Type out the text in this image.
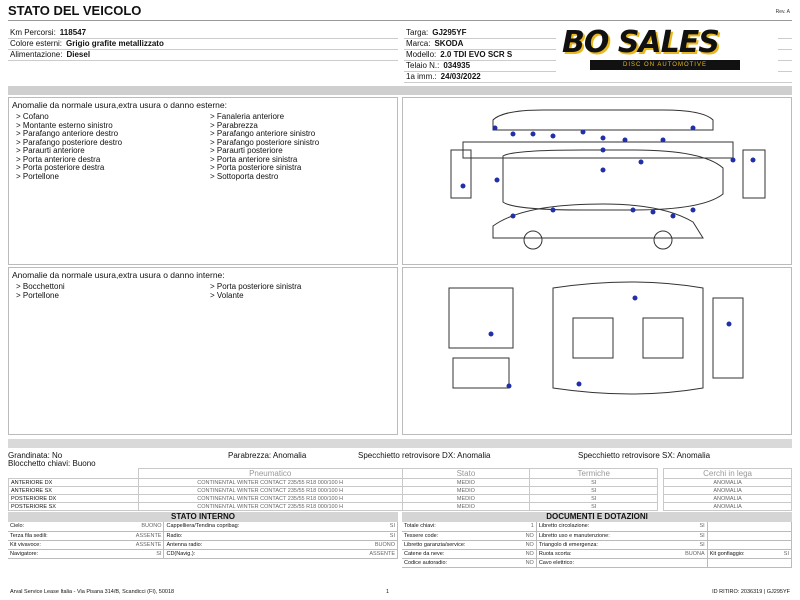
STATO DEL VEICOLO	Rev. A
Km Percorsi: 118547
Colore esterni: Grigio grafite metallizzato
Alimentazione: Diesel
Targa: GJ295YF
Marca: SKODA
Modello: 2.0 TDI EVO SCR S
Telaio N.: 034935
1a imm.: 24/03/2022
BO SALES
DISC ON AUTOMOTIVE
Anomalie da normale usura,extra usura o danno esterne:
> Cofano
> Montante esterno sinistro
> Parafango anteriore destro
> Parafango posteriore destro
> Paraurti anteriore
> Porta anteriore destra
> Porta posteriore destra
> Portellone
> Fanaleria anteriore
> Parabrezza
> Parafango anteriore sinistro
> Parafango posteriore sinistro
> Paraurti posteriore
> Porta anteriore sinistra
> Porta posteriore sinistra
> Sottoporta destro
Anomalie da normale usura,extra usura o danno interne:
> Bocchettoni
> Portellone
> Porta posteriore sinistra
> Volante
Grandinata: No
Blocchetto chiavi: Buono
Parabrezza: Anomalia	Specchietto retrovisore DX: Anomalia	Specchietto retrovisore SX: Anomalia
	Pneumatico	Stato	Termiche		Cerchi in lega
ANTERIORE DX	CONTINENTAL WINTER CONTACT 235/55 R18 000/100 H	MEDIO	SI		ANOMALIA
ANTERIORE SX	CONTINENTAL WINTER CONTACT 235/55 R18 000/100 H	MEDIO	SI		ANOMALIA
POSTERIORE DX	CONTINENTAL WINTER CONTACT 235/55 R18 000/100 H	MEDIO	SI		ANOMALIA
POSTERIORE SX	CONTINENTAL WINTER CONTACT 235/55 R18 000/100 H	MEDIO	SI		ANOMALIA
STATO INTERNO
Cielo:	BUONO	Cappelliera/Tendina copribag:	SI
Terza fila sedili:	ASSENTE	Radio:	SI
Kit vivavoce:	ASSENTE	Antenna radio:	BUONO
Navigatore:	SI	CD(Navig.):	ASSENTE
DOCUMENTI E DOTAZIONI
Totale chiavi:	1	Libretto circolazione:	SI		
Tessere code:	NO	Libretto uso e manutenzione:	SI		
Libretto garanzia/service:	NO	Triangolo di emergenza:	SI		
Catene da neve:	NO	Ruota scorta:	BUONA	Kit gonfiaggio:	SI
Codice autoradio:	NO	Cavo elettrico:			
Arval Service Lease Italia - Via Pisana 314/B, Scandicci (FI), 50018	1	ID RITIRO: 2036319 | GJ295YF
